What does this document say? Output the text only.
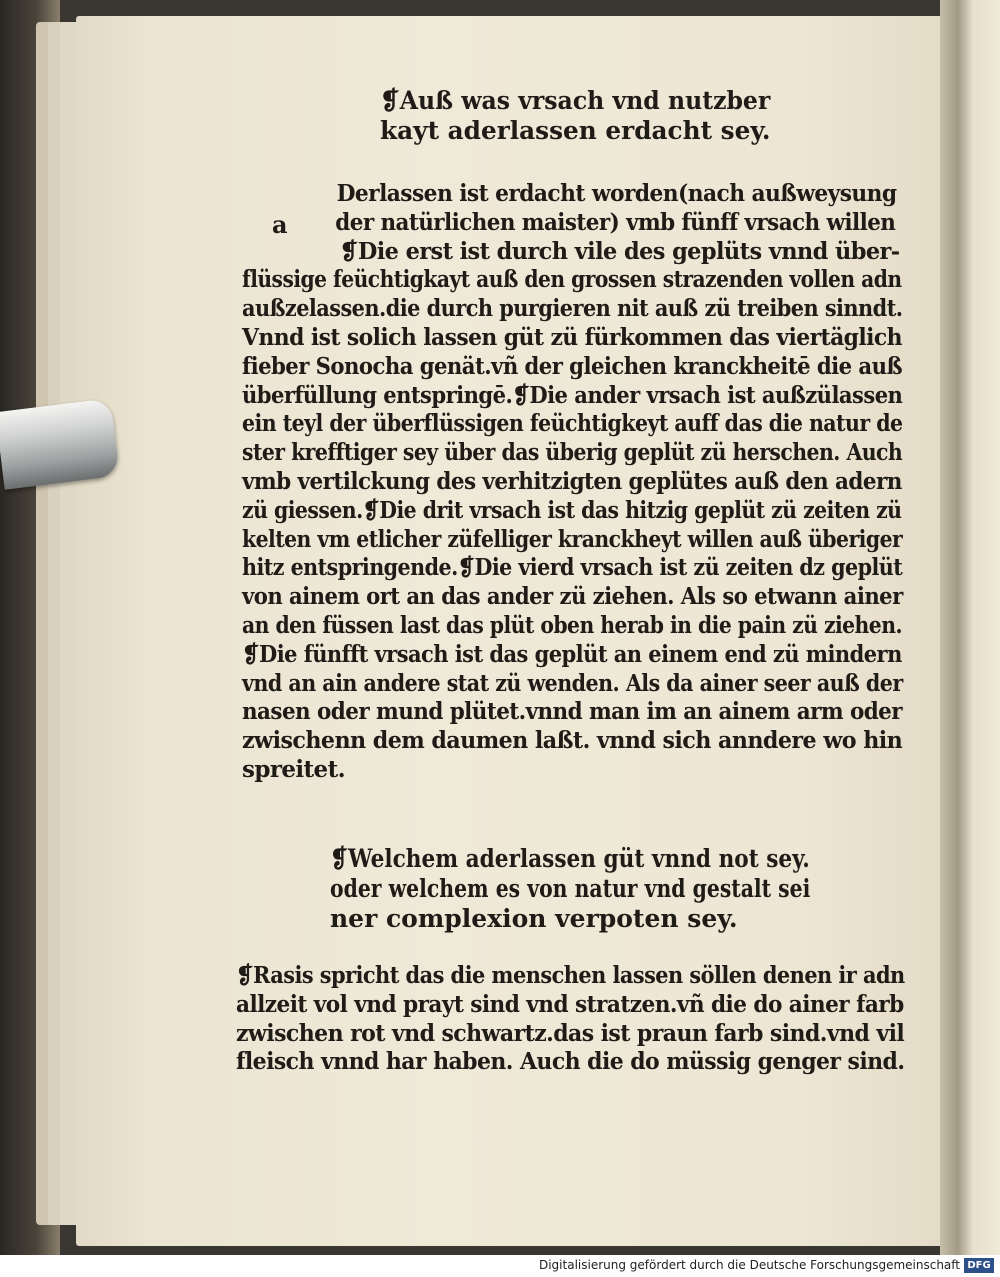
❡Auß was vrsach vnd nutzber
kayt aderlassen erdacht sey.
a
Derlassen ist erdacht worden(nach außweysung
der natürlichen maister) vmb fünff vrsach willen
❡Die erst ist durch vile des geplüts vnnd über-
flüssige feüchtigkayt auß den grossen strazenden vollen adn
außzelassen.die durch purgieren nit auß zü treiben sinndt.
Vnnd ist solich lassen güt zü fürkommen das viertäglich
fieber Sonocha genät.vñ der gleichen kranckheitē die auß
überfüllung entspringē.❡Die ander vrsach ist außzülassen
ein teyl der überflüssigen feüchtigkeyt auff das die natur de
ster krefftiger sey über das überig geplüt zü herschen. Auch
vmb vertilckung des verhitzigten geplütes auß den adern
zü giessen.❡Die drit vrsach ist das hitzig geplüt zü zeiten zü
kelten vm etlicher züfelliger kranckheyt willen auß überiger
hitz entspringende.❡Die vierd vrsach ist zü zeiten dz geplüt
von ainem ort an das ander zü ziehen. Als so etwann ainer
an den füssen last das plüt oben herab in die pain zü ziehen.
❡Die fünfft vrsach ist das geplüt an einem end zü mindern
vnd an ain andere stat zü wenden. Als da ainer seer auß der
nasen oder mund plütet.vnnd man im an ainem arm oder
zwischenn dem daumen laßt. vnnd sich anndere wo hin
spreitet.
❡Welchem aderlassen güt vnnd not sey.
oder welchem es von natur vnd gestalt sei
ner complexion verpoten sey.
❡Rasis spricht das die menschen lassen söllen denen ir adn
allzeit vol vnd prayt sind vnd stratzen.vñ die do ainer farb
zwischen rot vnd schwartz.das ist praun farb sind.vnd vil
fleisch vnnd har haben. Auch die do müssig genger sind.
Digitalisierung gefördert durch die Deutsche Forschungsgemeinschaft DFG
